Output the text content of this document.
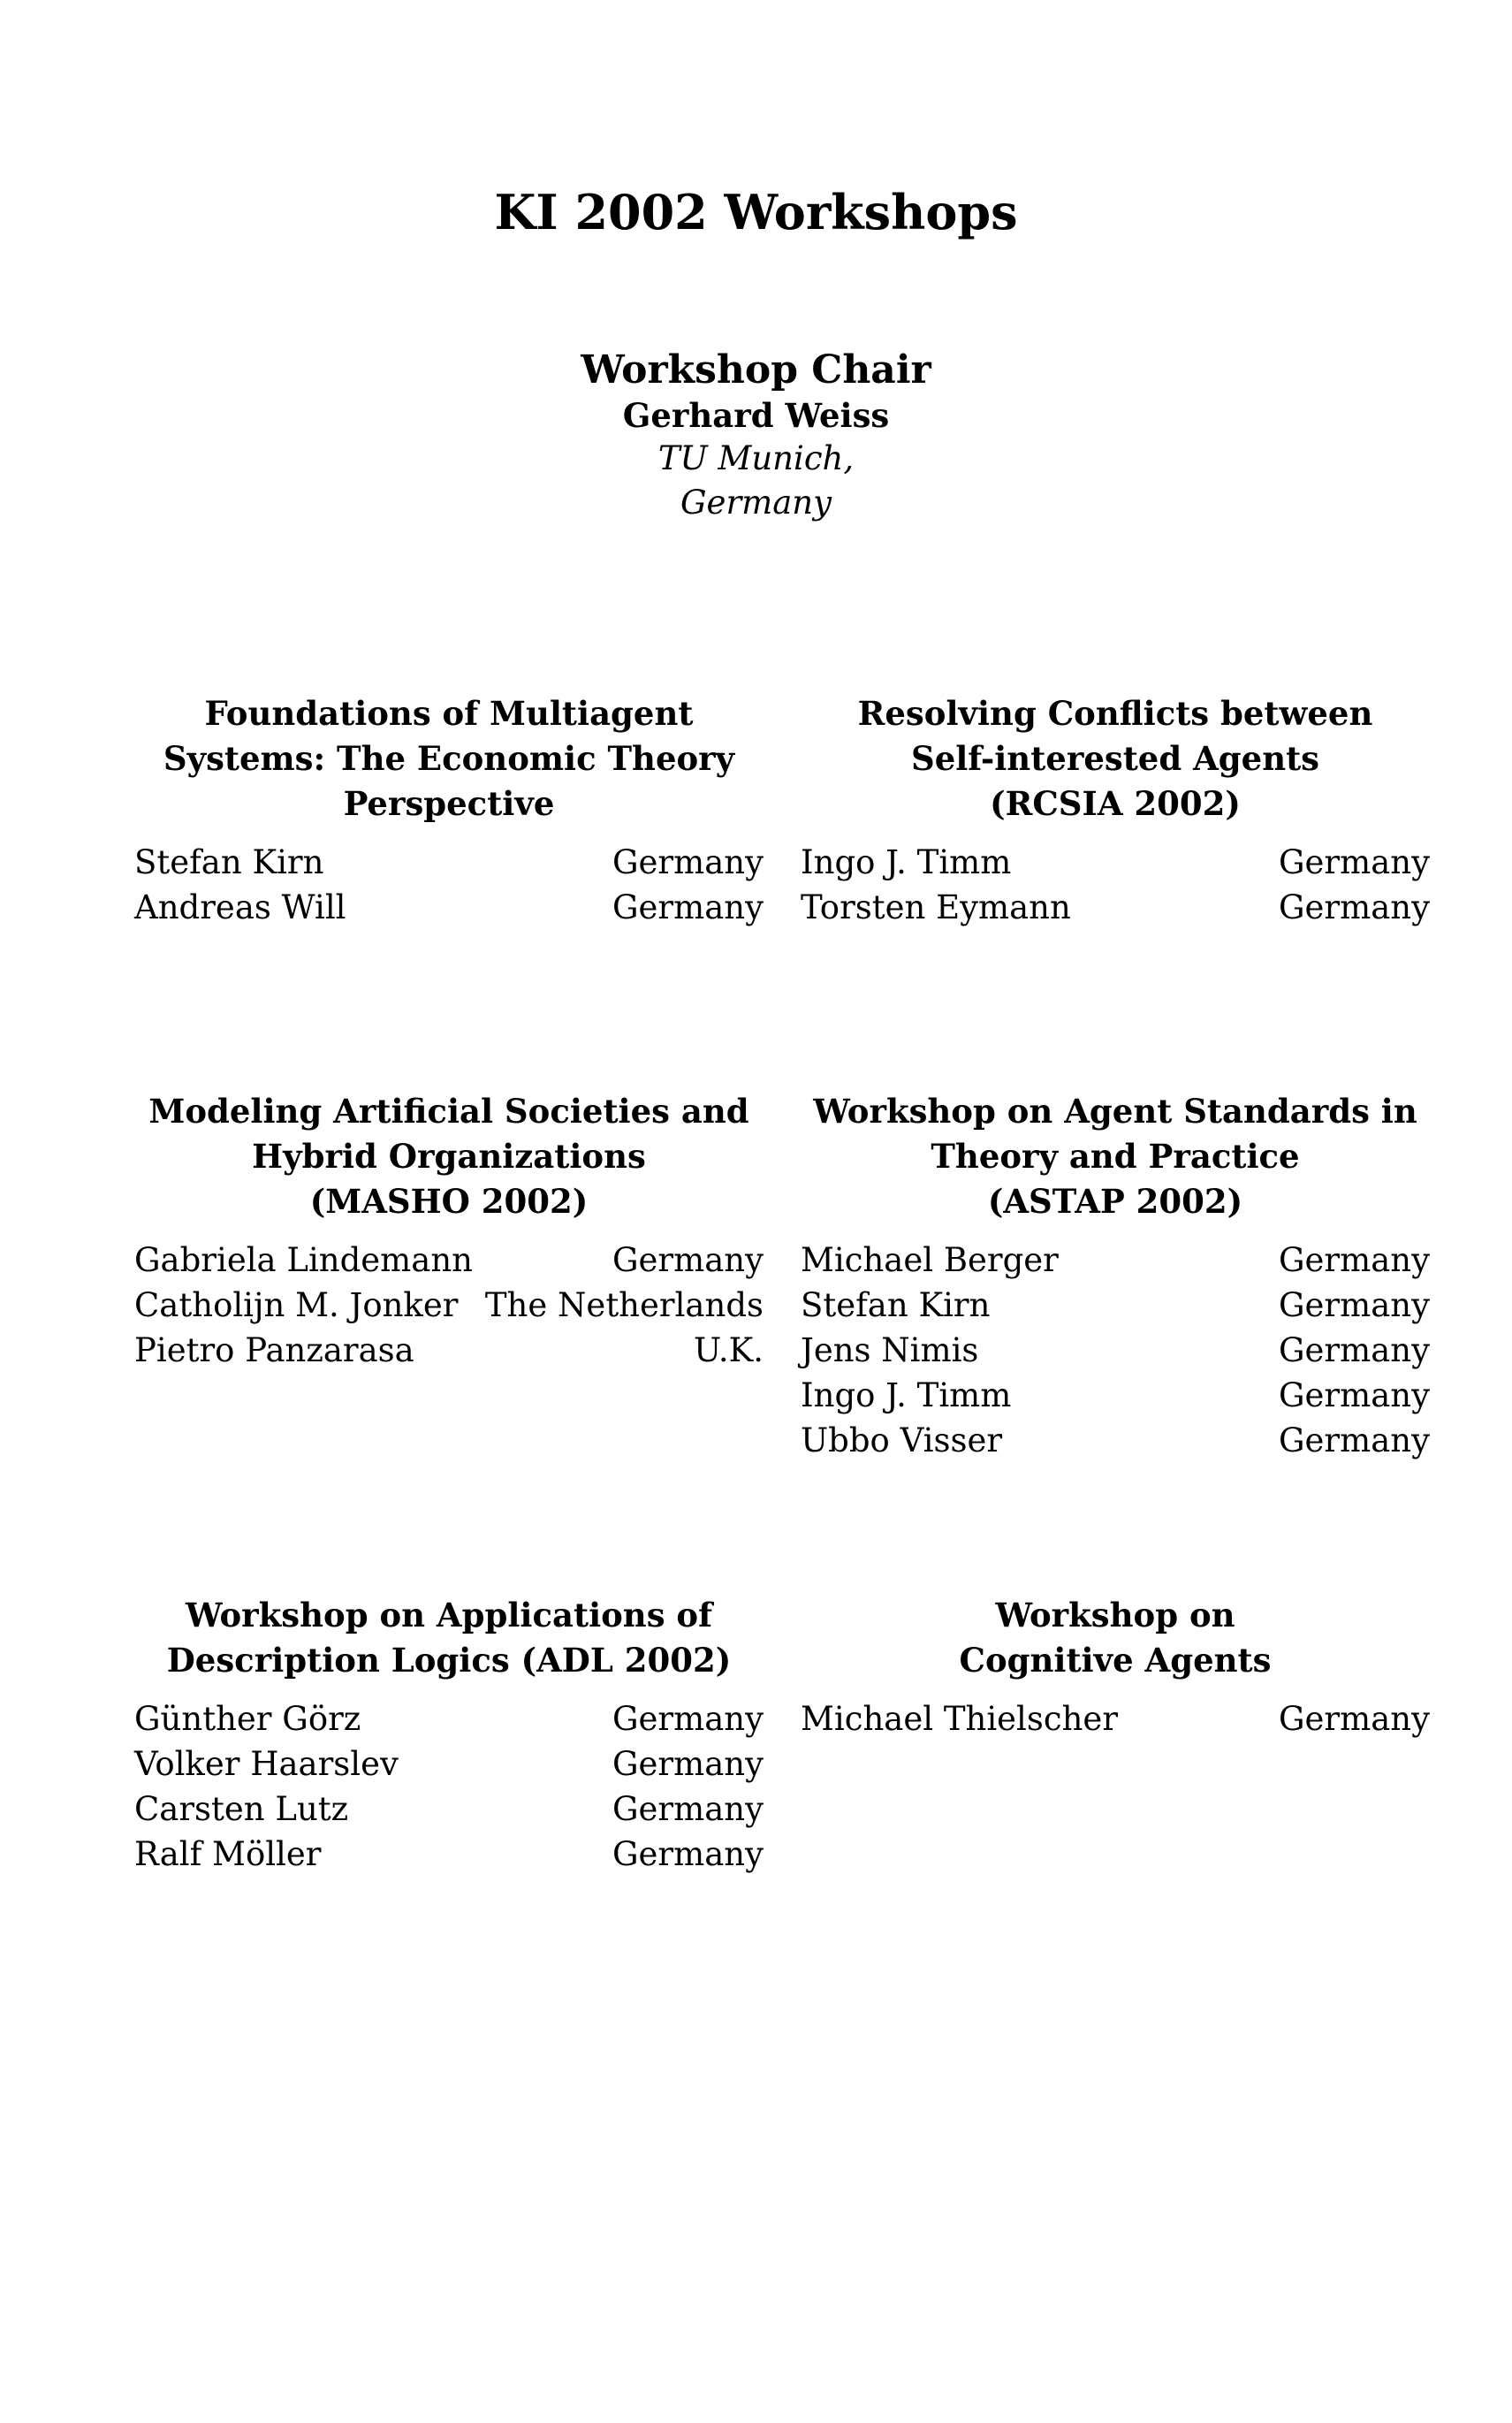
KI 2002 Workshops
Workshop Chair
Gerhard Weiss
TU Munich,
Germany
Foundations of Multiagent
Systems: The Economic Theory
Perspective
Stefan Kirn	Germany
Andreas Will	Germany
Resolving Conflicts between
Self-interested Agents
(RCSIA 2002)
Ingo J. Timm	Germany
Torsten Eymann	Germany
Modeling Artificial Societies and
Hybrid Organizations
(MASHO 2002)
Gabriela Lindemann	Germany
Catholijn M. Jonker The Netherlands
Pietro Panzarasa	U.K.
Workshop on Agent Standards in
Theory and Practice
(ASTAP 2002)
Michael Berger	Germany
Stefan Kirn	Germany
Jens Nimis	Germany
Ingo J. Timm	Germany
Ubbo Visser	Germany
Workshop on Applications of
Description Logics (ADL 2002)
Günther Görz	Germany
Volker Haarslev	Germany
Carsten Lutz	Germany
Ralf Möller	Germany
Workshop on
Cognitive Agents
Michael Thielscher	Germany
